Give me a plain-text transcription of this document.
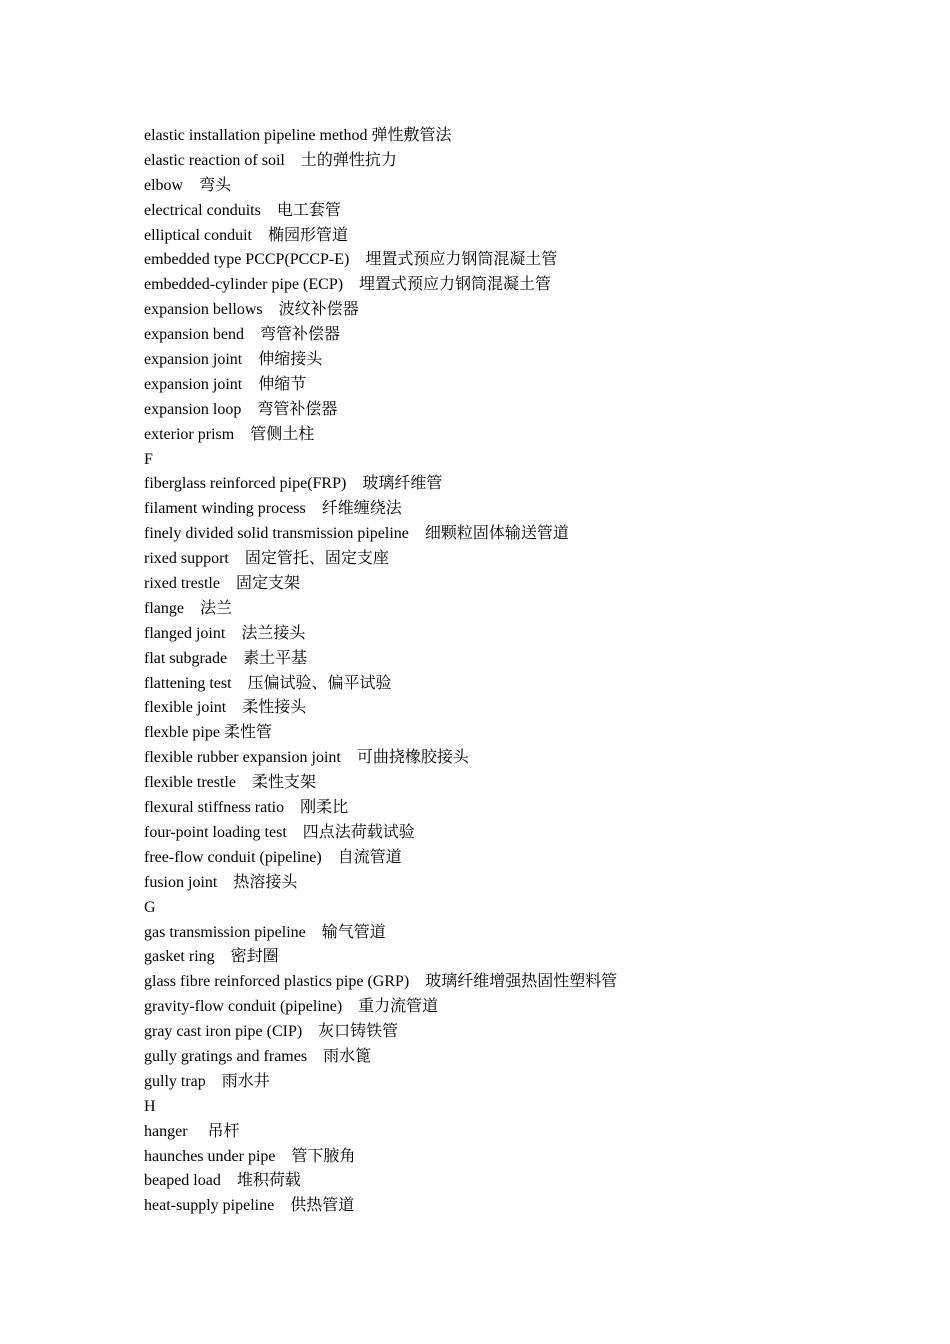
elastic installation pipeline method 弹性敷管法
elastic reaction of soil　土的弹性抗力
elbow　弯头
electrical conduits　电工套管
elliptical conduit　椭园形管道
embedded type PCCP(PCCP-E)　埋置式预应力钢筒混凝土管
embedded-cylinder pipe (ECP)　埋置式预应力钢筒混凝土管
expansion bellows　波纹补偿器
expansion bend　弯管补偿器
expansion joint　伸缩接头
expansion joint　伸缩节
expansion loop　弯管补偿器
exterior prism　管侧土柱
F
fiberglass reinforced pipe(FRP)　玻璃纤维管
filament winding process　纤维缠绕法
finely divided solid transmission pipeline　细颗粒固体输送管道
rixed support　固定管托、固定支座
rixed trestle　固定支架
flange　法兰
flanged joint　法兰接头
flat subgrade　素土平基
flattening test　压偏试验、偏平试验
flexible joint　柔性接头
flexble pipe 柔性管
flexible rubber expansion joint　可曲挠橡胶接头
flexible trestle　柔性支架
flexural stiffness ratio　刚柔比
four-point loading test　四点法荷载试验
free-flow conduit (pipeline)　自流管道
fusion joint　热溶接头
G
gas transmission pipeline　输气管道
gasket ring　密封圈
glass fibre reinforced plastics pipe (GRP)　玻璃纤维增强热固性塑料管
gravity-flow conduit (pipeline)　重力流管道
gray cast iron pipe (CIP)　灰口铸铁管
gully gratings and frames　雨水篦
gully trap　雨水井
H
hanger　 吊杆
haunches under pipe　管下腋角
beaped load　堆积荷载
heat-supply pipeline　供热管道
